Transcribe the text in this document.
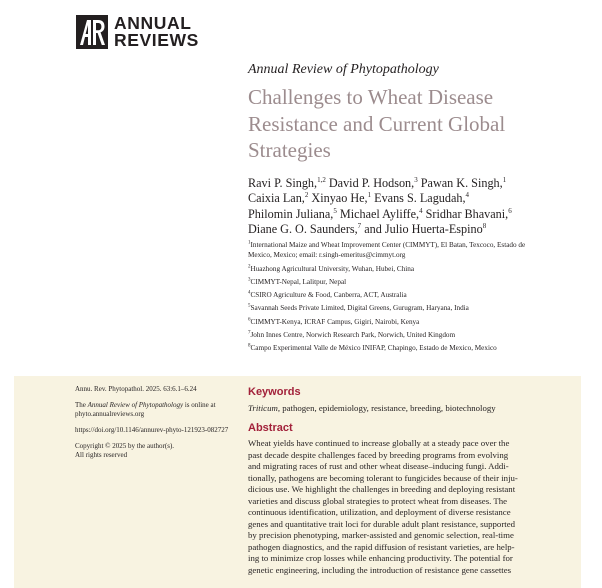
ANNUAL
REVIEWS
Annual Review of Phytopathology
Challenges to Wheat Disease Resistance and Current Global Strategies
Ravi P. Singh,$^{1,2}$ David P. Hodson,$^3$ Pawan K. Singh,$^1$
Caixia Lan,$^2$ Xinyao He,$^1$ Evans S. Lagudah,$^4$
Philomin Juliana,$^5$ Michael Ayliffe,$^4$ Sridhar Bhavani,$^6$
Diane G. O. Saunders,$^7$ and Julio Huerta-Espino$^8$
$^1$International Maize and Wheat Improvement Center (CIMMYT), El Batan, Texcoco, Estado de Mexico, Mexico; email: r.singh-emeritus@cimmyt.org
$^2$Huazhong Agricultural University, Wuhan, Hubei, China
$^3$CIMMYT-Nepal, Lalitpur, Nepal
$^4$CSIRO Agriculture & Food, Canberra, ACT, Australia
$^5$Savannah Seeds Private Limited, Digital Greens, Gurugram, Haryana, India
$^6$CIMMYT-Kenya, ICRAF Campus, Gigiri, Nairobi, Kenya
$^7$John Innes Centre, Norwich Research Park, Norwich, United Kingdom
$^8$Campo Experimental Valle de México INIFAP, Chapingo, Estado de Mexico, Mexico
Annu. Rev. Phytopathol. 2025. 63:6.1–6.24
The Annual Review of Phytopathology is online at phyto.annualreviews.org
https://doi.org/10.1146/annurev-phyto-121923-082727
Copyright © 2025 by the author(s).
All rights reserved
Keywords
Triticum, pathogen, epidemiology, resistance, breeding, biotechnology
Abstract
Wheat yields have continued to increase globally at a steady pace over the
past decade despite challenges faced by breeding programs from evolving
and migrating races of rust and other wheat disease–inducing fungi. Addi-
tionally, pathogens are becoming tolerant to fungicides because of their inju-
dicious use. We highlight the challenges in breeding and deploying resistant
varieties and discuss global strategies to protect wheat from diseases. The
continuous identification, utilization, and deployment of diverse resistance
genes and quantitative trait loci for durable adult plant resistance, supported
by precision phenotyping, marker-assisted and genomic selection, real-time
pathogen diagnostics, and the rapid diffusion of resistant varieties, are help-
ing to minimize crop losses while enhancing productivity. The potential for
genetic engineering, including the introduction of resistance gene cassettes
